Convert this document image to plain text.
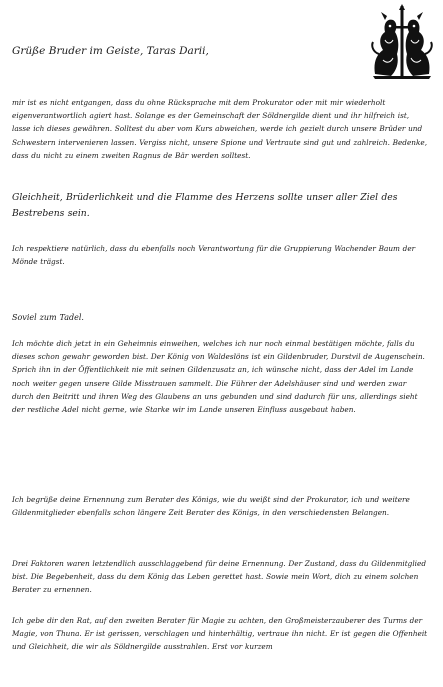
Grüße Bruder im Geiste, Taras Darii,
mir ist es nicht entgangen, dass du ohne Rücksprache mit dem Prokurator oder mit mir wiederholt eigenverantwortlich agiert hast. Solange es der Gemeinschaft der Söldnergilde dient und ihr hilfreich ist, lasse ich dieses gewähren. Solltest du aber vom Kurs abweichen, werde ich gezielt durch unsere Brüder und Schwestern intervenieren lassen. Vergiss nicht, unsere Spione und Vertraute sind gut und zahlreich. Bedenke, dass du nicht zu einem zweiten Ragnus de Bär werden solltest.
Gleichheit, Brüderlichkeit und die Flamme des Herzens sollte unser aller Ziel des Bestrebens sein.
Ich respektiere natürlich, dass du ebenfalls noch Verantwortung für die Gruppierung Wachender Baum der Mönde trägst.
Soviel zum Tadel.
Ich möchte dich jetzt in ein Geheimnis einweihen, welches ich nur noch einmal bestätigen möchte, falls du dieses schon gewahr geworden bist. Der König von Waldeslöns ist ein Gildenbruder, Durstvil de Augenschein. Sprich ihn in der Öffentlichkeit nie mit seinen Gildenzusatz an, ich wünsche nicht, dass der Adel im Lande noch weiter gegen unsere Gilde Misstrauen sammelt. Die Führer der Adelshäuser sind und werden zwar durch den Beitritt und ihren Weg des Glaubens an uns gebunden und sind dadurch für uns, allerdings sieht der restliche Adel nicht gerne, wie Starke wir im Lande unseren Einfluss ausgebaut haben.
Ich begrüße deine Ernennung zum Berater des Königs, wie du weißt sind der Prokurator, ich und weitere Gildenmitglieder ebenfalls schon längere Zeit Berater des Königs, in den verschiedensten Belangen.
Drei Faktoren waren letztendlich ausschlaggebend für deine Ernennung. Der Zustand, dass du Gildenmitglied bist. Die Begebenheit, dass du dem König das Leben gerettet hast. Sowie mein Wort, dich zu einem solchen Berater zu ernennen.
Ich gebe dir den Rat, auf den zweiten Berater für Magie zu achten, den Großmeisterzauberer des Turms der Magie, von Thuna. Er ist gerissen, verschlagen und hinterhältig, vertraue ihn nicht. Er ist gegen die Offenheit und Gleichheit, die wir als Söldnergilde ausstrahlen. Erst vor kurzem
